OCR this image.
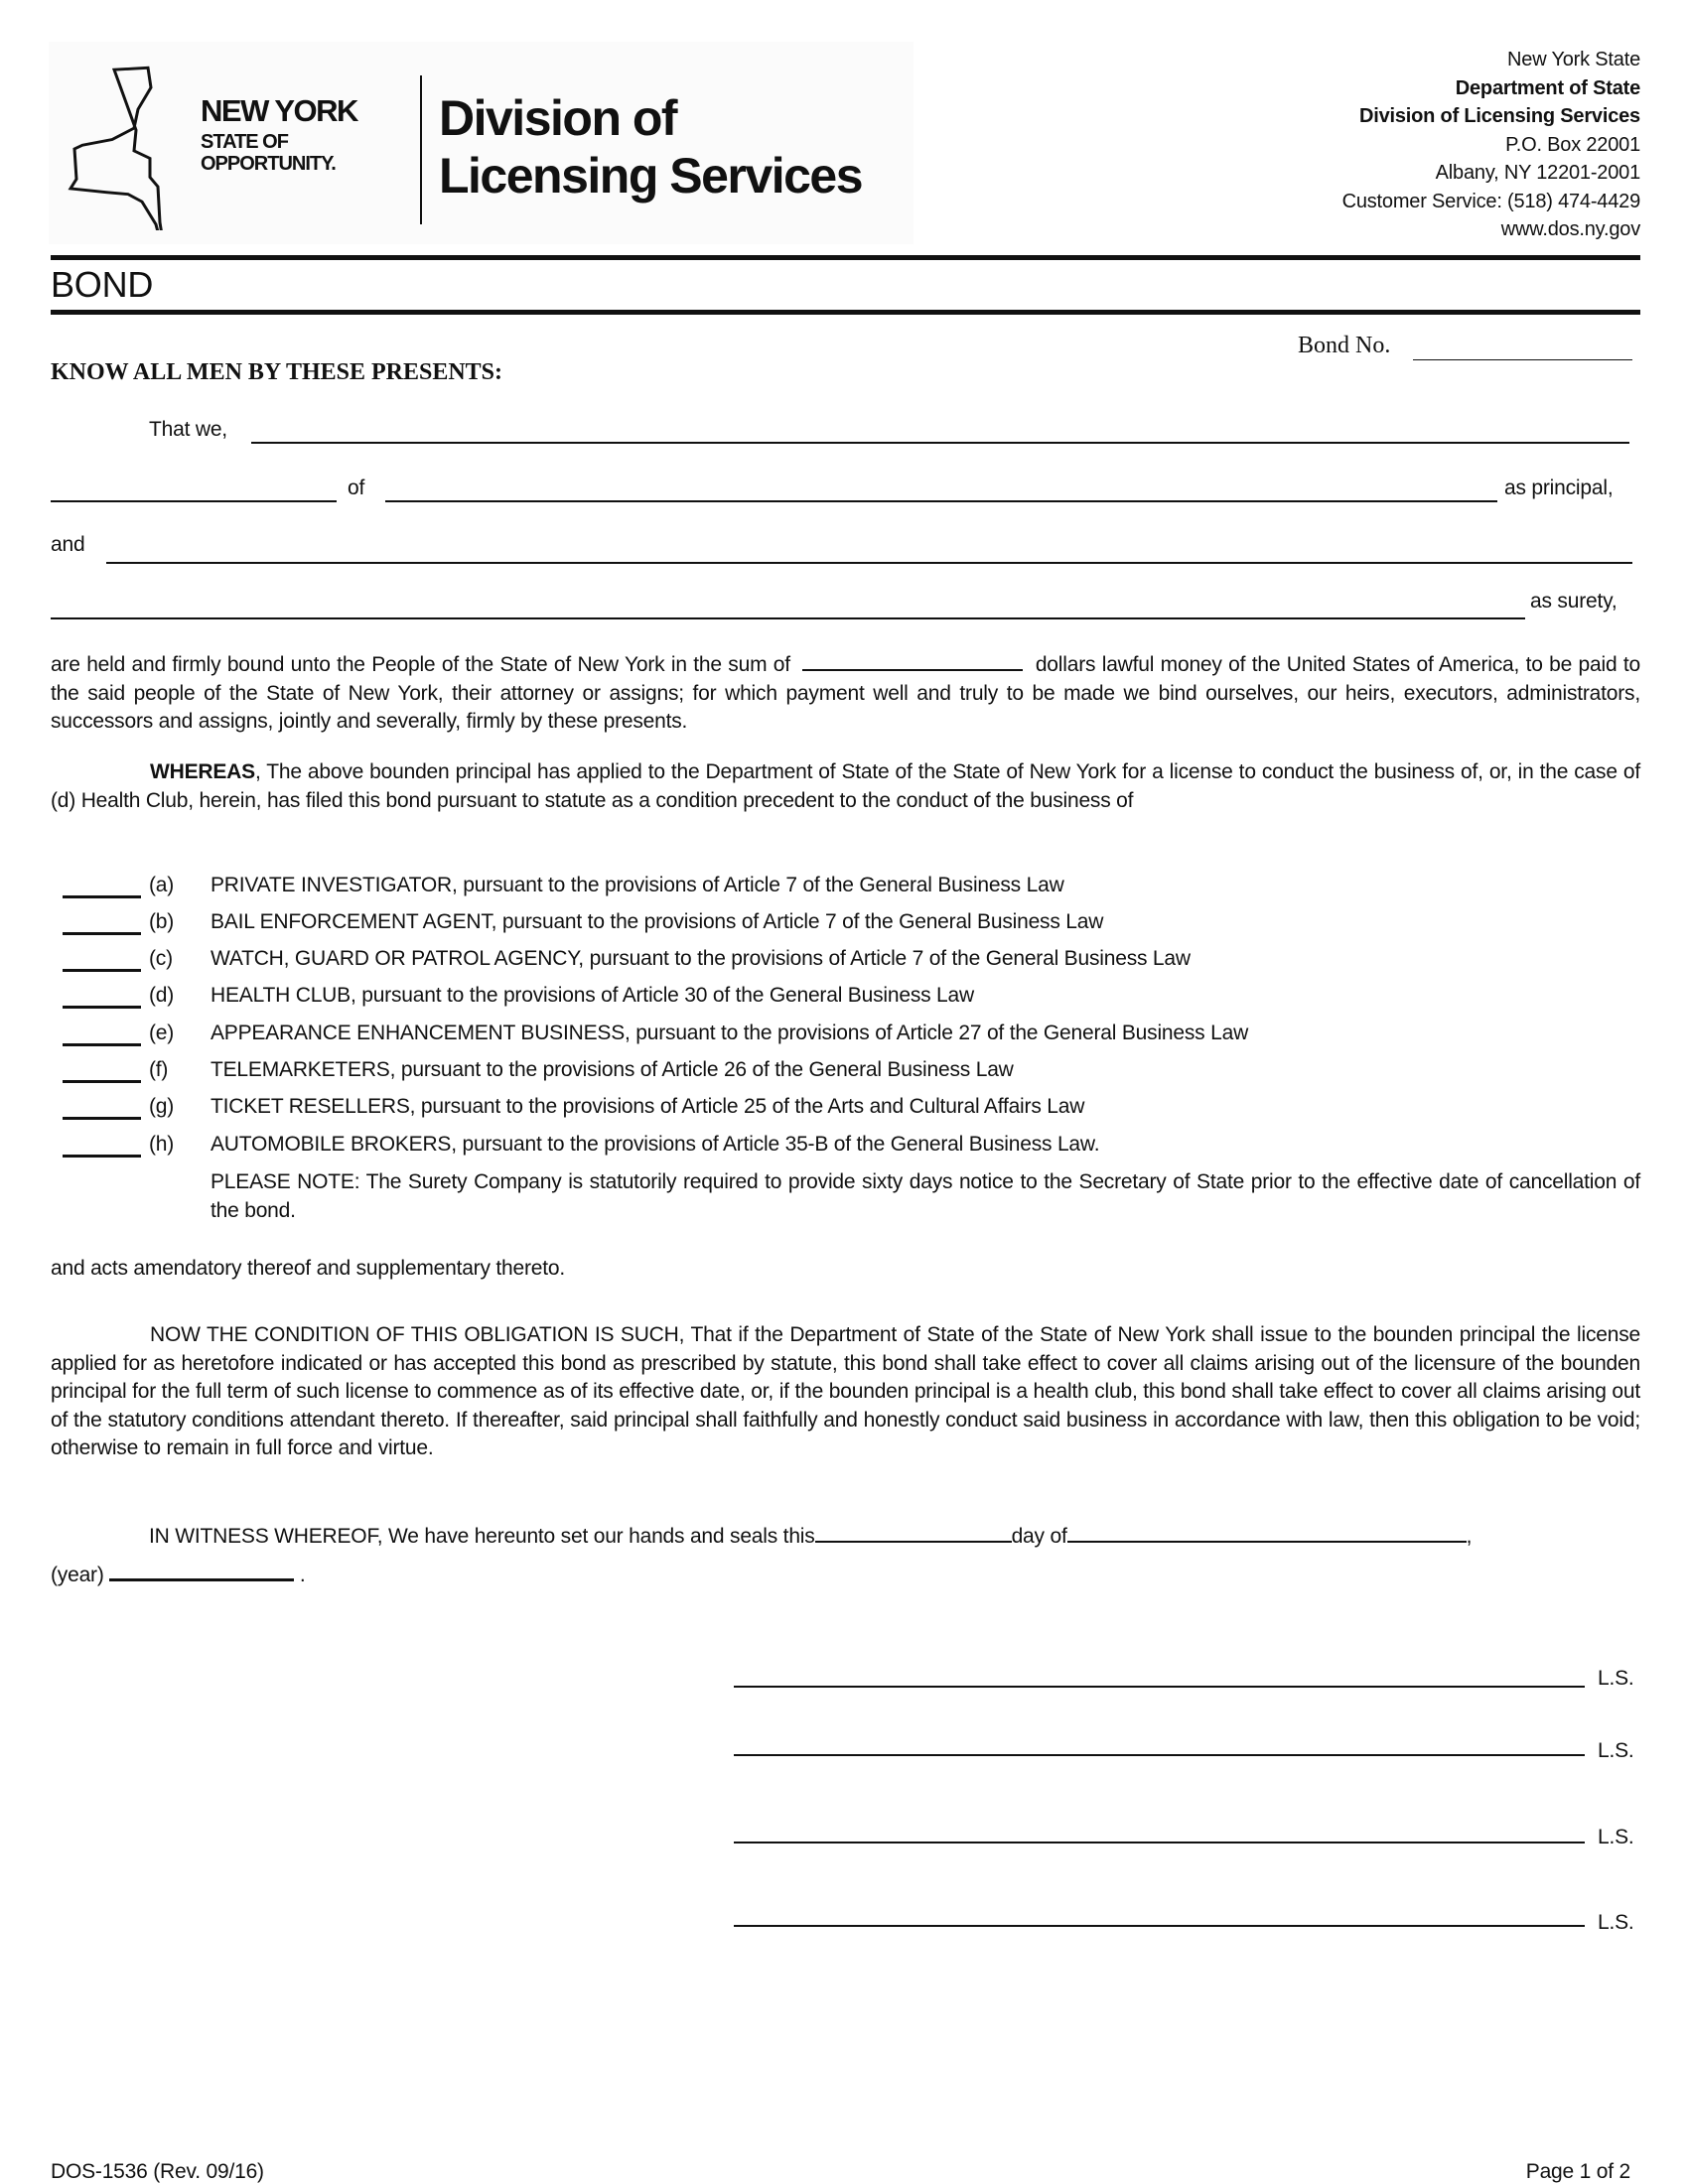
NEW YORK
STATE OF
OPPORTUNITY.
Division of
Licensing Services
New York State
Department of State
Division of Licensing Services
P.O. Box 22001
Albany, NY 12201-2001
Customer Service: (518) 474-4429
www.dos.ny.gov
BOND
Bond No.
KNOW ALL MEN BY THESE PRESENTS:
That we,
of	as principal,
and
as surety,
are held and firmly bound unto the People of the State of New York in the sum of	dollars lawful money of the United States of America, to be paid to the said people of the State of New York, their attorney or assigns; for which payment well and truly to be made we bind ourselves, our heirs, executors, administrators, successors and assigns, jointly and severally, firmly by these presents.
WHEREAS, The above bounden principal has applied to the Department of State of the State of New York for a license to conduct the business of, or, in the case of (d) Health Club, herein, has filed this bond pursuant to statute as a condition precedent to the conduct of the business of
(a) PRIVATE INVESTIGATOR, pursuant to the provisions of Article 7 of the General Business Law
(b) BAIL ENFORCEMENT AGENT, pursuant to the provisions of Article 7 of the General Business Law
(c) WATCH, GUARD OR PATROL AGENCY, pursuant to the provisions of Article 7 of the General Business Law
(d) HEALTH CLUB, pursuant to the provisions of Article 30 of the General Business Law
(e) APPEARANCE ENHANCEMENT BUSINESS, pursuant to the provisions of Article 27 of the General Business Law
(f) TELEMARKETERS, pursuant to the provisions of Article 26 of the General Business Law
(g) TICKET RESELLERS, pursuant to the provisions of Article 25 of the Arts and Cultural Affairs Law
(h) AUTOMOBILE BROKERS, pursuant to the provisions of Article 35-B of the General Business Law.
PLEASE NOTE: The Surety Company is statutorily required to provide sixty days notice to the Secretary of State prior to the effective date of cancellation of the bond.
and acts amendatory thereof and supplementary thereto.
NOW THE CONDITION OF THIS OBLIGATION IS SUCH, That if the Department of State of the State of New York shall issue to the bounden principal the license applied for as heretofore indicated or has accepted this bond as prescribed by statute, this bond shall take effect to cover all claims arising out of the licensure of the bounden principal for the full term of such license to commence as of its effective date, or, if the bounden principal is a health club, this bond shall take effect to cover all claims arising out of the statutory conditions attendant thereto. If thereafter, said principal shall faithfully and honestly conduct said business in accordance with law, then this obligation to be void; otherwise to remain in full force and virtue.
IN WITNESS WHEREOF, We have hereunto set our hands and seals this	day of	,
(year)	.
L.S.
L.S.
L.S.
L.S.
DOS-1536 (Rev. 09/16)	Page 1 of 2
